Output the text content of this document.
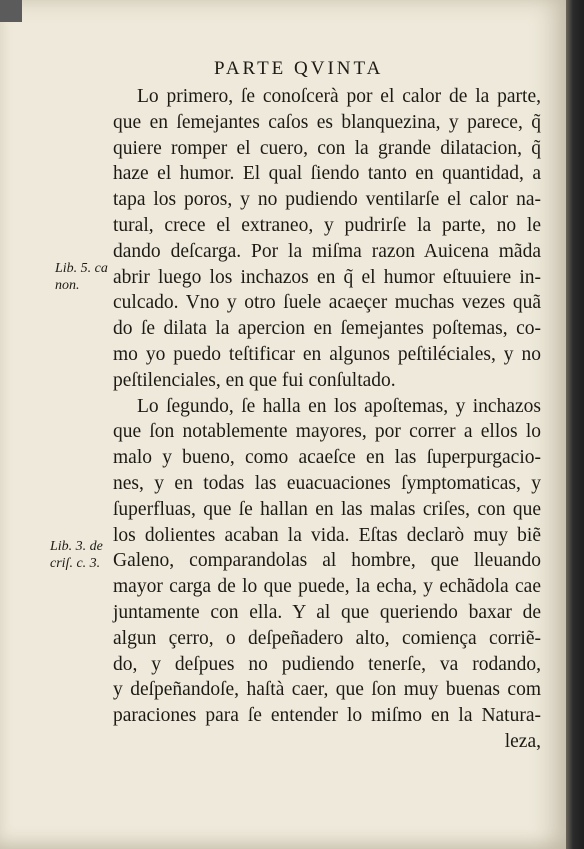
PARTE QVINTA
Lib. 5. ca
non.
Lib. 3. de
criſ. c. 3.
Lo primero, ſe conoſcerà por el calor de la parte,
que en ſemejantes caſos es blanquezina, y parece, q̃
quiere romper el cuero, con la grande dilatacion, q̃
haze el humor. El qual ſiendo tanto en quantidad, a
tapa los poros, y no pudiendo ventilarſe el calor na-
tural, crece el extraneo, y pudrirſe la parte, no le
dando deſcarga. Por la miſma razon Auicena mãda
abrir luego los inchazos en q̃ el humor eſtuuiere in-
culcado. Vno y otro ſuele acaeçer muchas vezes quã
do ſe dilata la apercion en ſemejantes poſtemas, co-
mo yo puedo teſtificar en algunos peſtiléciales, y no
peſtilenciales, en que fui conſultado.
Lo ſegundo, ſe halla en los apoſtemas, y inchazos
que ſon notablemente mayores, por correr a ellos lo
malo y bueno, como acaeſce en las ſuperpurgacio-
nes, y en todas las euacuaciones ſymptomaticas, y
ſuperfluas, que ſe hallan en las malas criſes, con que
los dolientes acaban la vida. Eſtas declarò muy biẽ
Galeno, comparandolas al hombre, que lleuando
mayor carga de lo que puede, la echa, y echãdola cae
juntamente con ella. Y al que queriendo baxar de
algun çerro, o deſpeñadero alto, comiença corriẽ-
do, y deſpues no pudiendo tenerſe, va rodando,
y deſpeñandoſe, haſtà caer, que ſon muy buenas com
paraciones para ſe entender lo miſmo en la Natura-
leza,
